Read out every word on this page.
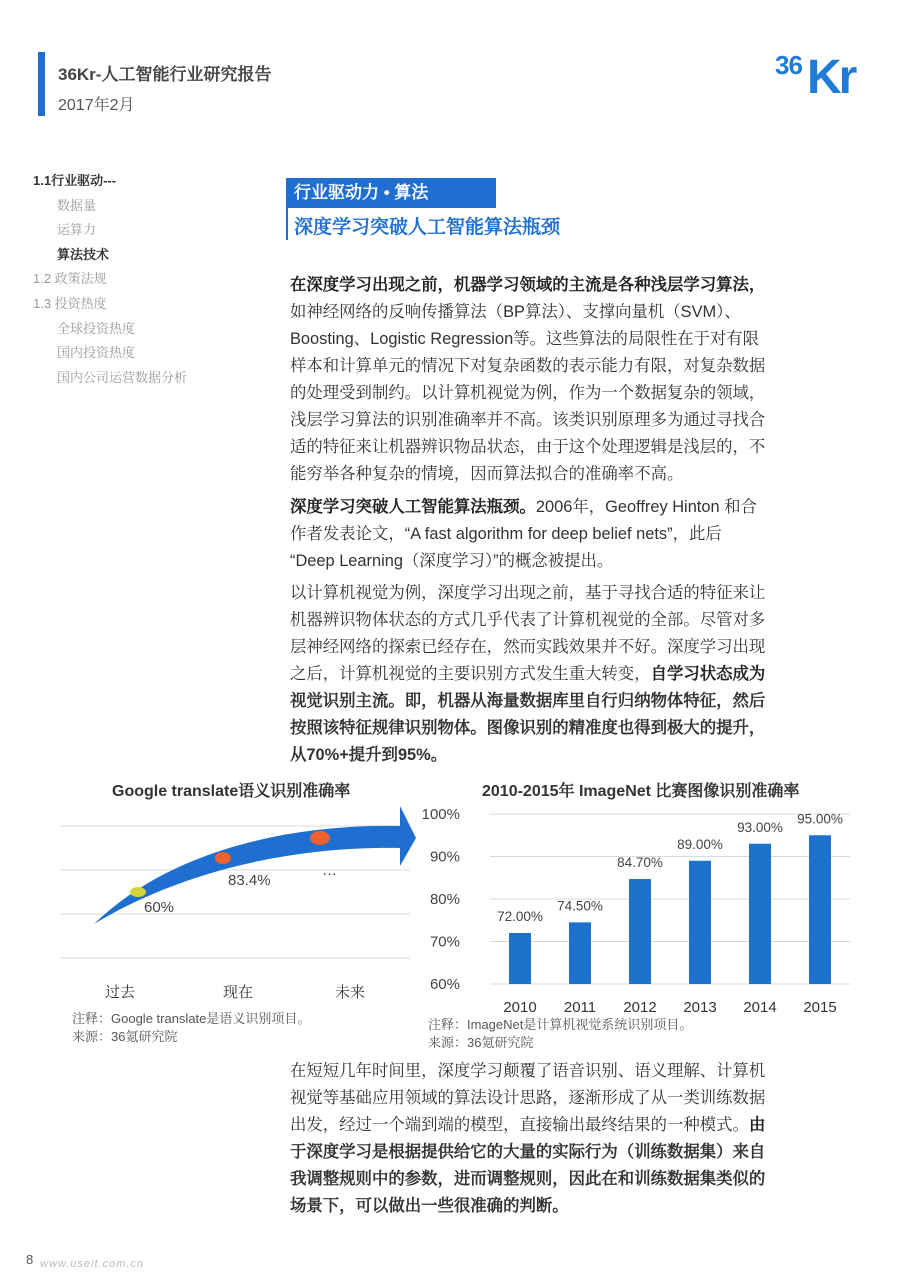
36Kr-人工智能行业研究报告
2017年2月
36 Kr
1.1行业驱动---
数据量
运算力
算法技术
1.2 政策法规
1.3 投资热度
全球投资热度
国内投资热度
国内公司运营数据分析
行业驱动力 • 算法
深度学习突破人工智能算法瓶颈
在深度学习出现之前，机器学习领域的主流是各种浅层学习算法，
如神经网络的反响传播算法（BP算法）、支撑向量机（SVM）、
Boosting、Logistic Regression等。这些算法的局限性在于对有限
样本和计算单元的情况下对复杂函数的表示能力有限，对复杂数据
的处理受到制约。以计算机视觉为例，作为一个数据复杂的领域，
浅层学习算法的识别准确率并不高。该类识别原理多为通过寻找合
适的特征来让机器辨识物品状态，由于这个处理逻辑是浅层的，不
能穷举各种复杂的情境，因而算法拟合的准确率不高。
深度学习突破人工智能算法瓶颈。2006年，Geoffrey Hinton 和合
作者发表论文，“A fast algorithm for deep belief nets”，此后
“Deep Learning（深度学习）”的概念被提出。
以计算机视觉为例，深度学习出现之前，基于寻找合适的特征来让
机器辨识物体状态的方式几乎代表了计算机视觉的全部。尽管对多
层神经网络的探索已经存在，然而实践效果并不好。深度学习出现
之后，计算机视觉的主要识别方式发生重大转变，自学习状态成为
视觉识别主流。即，机器从海量数据库里自行归纳物体特征，然后
按照该特征规律识别物体。图像识别的精准度也得到极大的提升，
从70%+提升到95%。
在短短几年时间里，深度学习颠覆了语音识别、语义理解、计算机
视觉等基础应用领域的算法设计思路，逐渐形成了从一类训练数据
出发，经过一个端到端的模型，直接输出最终结果的一种模式。由
于深度学习是根据提供给它的大量的实际行为（训练数据集）来自
我调整规则中的参数，进而调整规则，因此在和训练数据集类似的
场景下，可以做出一些很准确的判断。
Google translate语义识别准确率
60%
83.4%
…
过去	现在	未来
注释：Google translate是语义识别项目。
来源：36氪研究院
2010-2015年 ImageNet 比赛图像识别准确率
60%
70%
80%
90%
100%
72.00%
74.50%
84.70%
89.00%
93.00%
95.00%
2010 2011 2012 2013 2014 2015
注释：ImageNet是计算机视觉系统识别项目。
来源：36氪研究院
8 www.useit.com.cn
